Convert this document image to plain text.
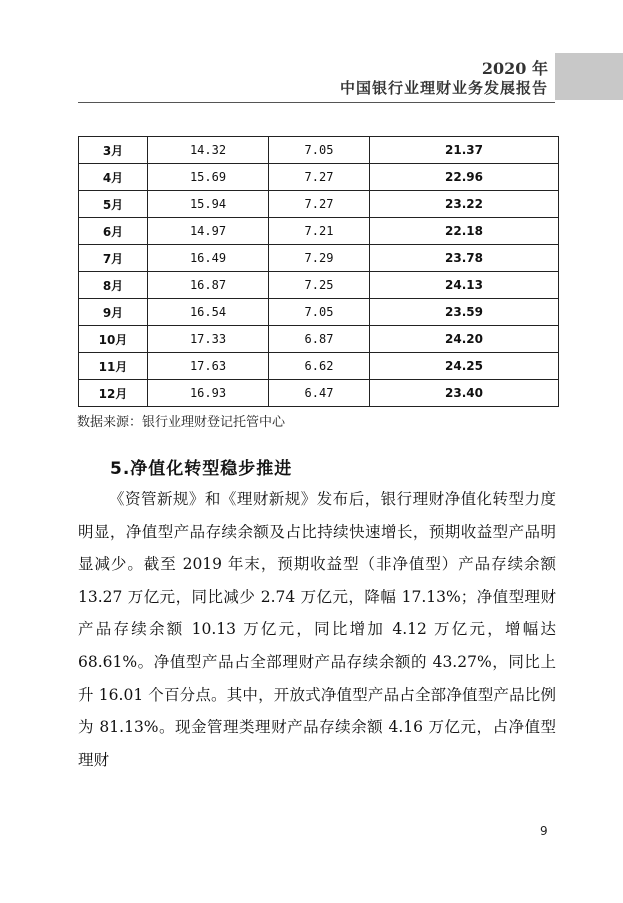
2020 年
中国银行业理财业务发展报告
3月	14.32	7.05	21.37
4月	15.69	7.27	22.96
5月	15.94	7.27	23.22
6月	14.97	7.21	22.18
7月	16.49	7.29	23.78
8月	16.87	7.25	24.13
9月	16.54	7.05	23.59
10月	17.33	6.87	24.20
11月	17.63	6.62	24.25
12月	16.93	6.47	23.40
数据来源：银行业理财登记托管中心
5.净值化转型稳步推进

《资管新规》和《理财新规》发布后，银行理财净值化转型力度明显，净值型产品存续余额及占比持续快速增长，预期收益型产品明显减少。截至 2019 年末，预期收益型（非净值型）产品存续余额 13.27 万亿元，同比减少 2.74 万亿元，降幅 17.13%；净值型理财产品存续余额 10.13 万亿元，同比增加 4.12 万亿元，增幅达 68.61%。净值型产品占全部理财产品存续余额的 43.27%，同比上升 16.01 个百分点。其中，开放式净值型产品占全部净值型产品比例为 81.13%。现金管理类理财产品存续余额 4.16 万亿元，占净值型理财

9
